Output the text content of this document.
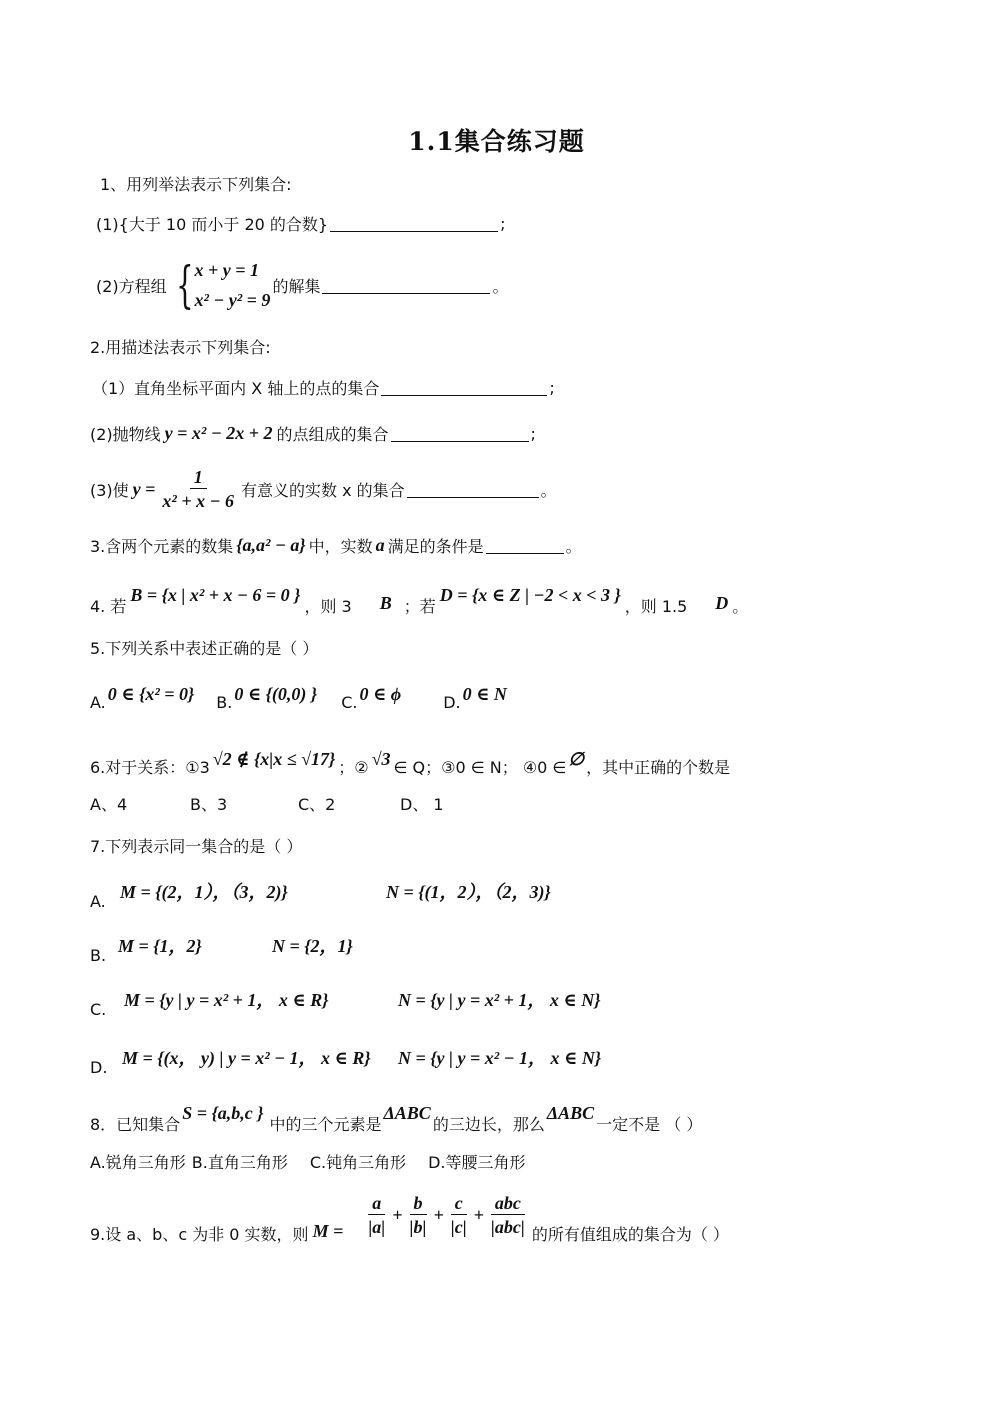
1.1集合练习题
1、用列举法表示下列集合:
(1){大于 10 而小于 20 的合数}	;
(2)方程组 { x + y = 1
x² − y² = 9
的解集	。
2.用描述法表示下列集合:
（1）直角坐标平面内 X 轴上的点的集合	;
(2)抛物线 y = x² − 2x + 2 的点组成的集合	;
(3)使 $y = \frac{1}{\text{x² + x − 6}}$ 有意义的实数 x 的集合	。
3.含两个元素的数集 {a,a² − a} 中，实数 a 满足的条件是	。
4. 若
B = {x | x² + x − 6 = 0 }
，则 3 B ；若
D = {x ∈ Z | −2 < x < 3 }
，则 1.5 D 。
5.下列关系中表述正确的是（ ）
A. 0 ∈ {x² = 0} B. 0 ∈ {(0,0) } C. 0 ∈ ϕ	D. 0 ∈ N
6.对于关系：①3 √2 ∉ {x|x ≤ √17} ；② √3 ∈ Q；③0 ∈ N； ④0 ∈ ∅ ，其中正确的个数是
A、4	B、3	C、2	D、 1
7.下列表示同一集合的是（ ）
A. M = {(2，1），（3，2)}	N = {(1，2），（2，3)}
B. M = {1，2}	N = {2，1}
C. M = {y | y = x² + 1， x ∈ R}	N = {y | y = x² + 1， x ∈ N}
D. M = {(x， y) | y = x² − 1， x ∈ R}	N = {y | y = x² − 1， x ∈ N}
8．已知集合
S = {a,b,c }
中的三个元素是
ΔABC
的三边长，那么
ΔABC
一定不是 （ ）
A.锐角三角形 B.直角三角形 C.钝角三角形 D.等腰三角形
9.设 a、b、c 为非 0 实数，则 $M = \frac{a}{|a|} + \frac{b}{|b|} + \frac{c}{|c|} + \frac{\text{abc}}{\text{|abc|}}$ 的所有值组成的集合为（ ）
